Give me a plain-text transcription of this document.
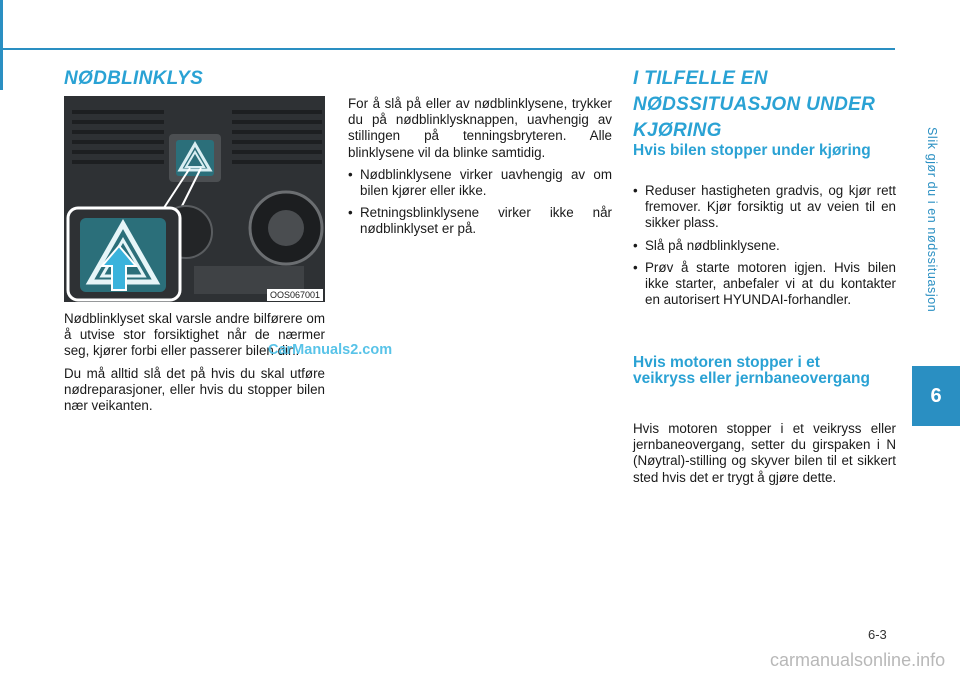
Slik gjør du i en nødssituasjon
6
NØDBLINKLYS
OOS067001

Nødblinklyset skal varsle andre bilførere om å utvise stor forsiktighet når de nærmer seg, kjører forbi eller passerer bilen din.

Du må alltid slå det på hvis du skal utføre nødreparasjoner, eller hvis du stopper bilen nær veikanten.

CarManuals2.com

For å slå på eller av nødblinklysene, trykker du på nødblinklysknappen, uavhengig av stillingen på tenningsbryteren. Alle blinklysene vil da blinke samtidig.

• Nødblinklysene virker uavhengig av om bilen kjører eller ikke.
• Retningsblinklysene virker ikke når nødblinklyset er på.
I TILFELLE EN NØDSSITUASJON UNDER KJØRING
Hvis bilen stopper under kjøring
• Reduser hastigheten gradvis, og kjør rett fremover. Kjør forsiktig ut av veien til en sikker plass.
• Slå på nødblinklysene.
• Prøv å starte motoren igjen. Hvis bilen ikke starter, anbefaler vi at du kontakter en autorisert HYUNDAI-forhandler.
Hvis motoren stopper i et veikryss eller jernbaneovergang

Hvis motoren stopper i et veikryss eller jernbaneovergang, setter du girspaken i N (Nøytral)-stilling og skyver bilen til et sikkert sted hvis det er trygt å gjøre dette.

6-3
carmanualsonline.info
